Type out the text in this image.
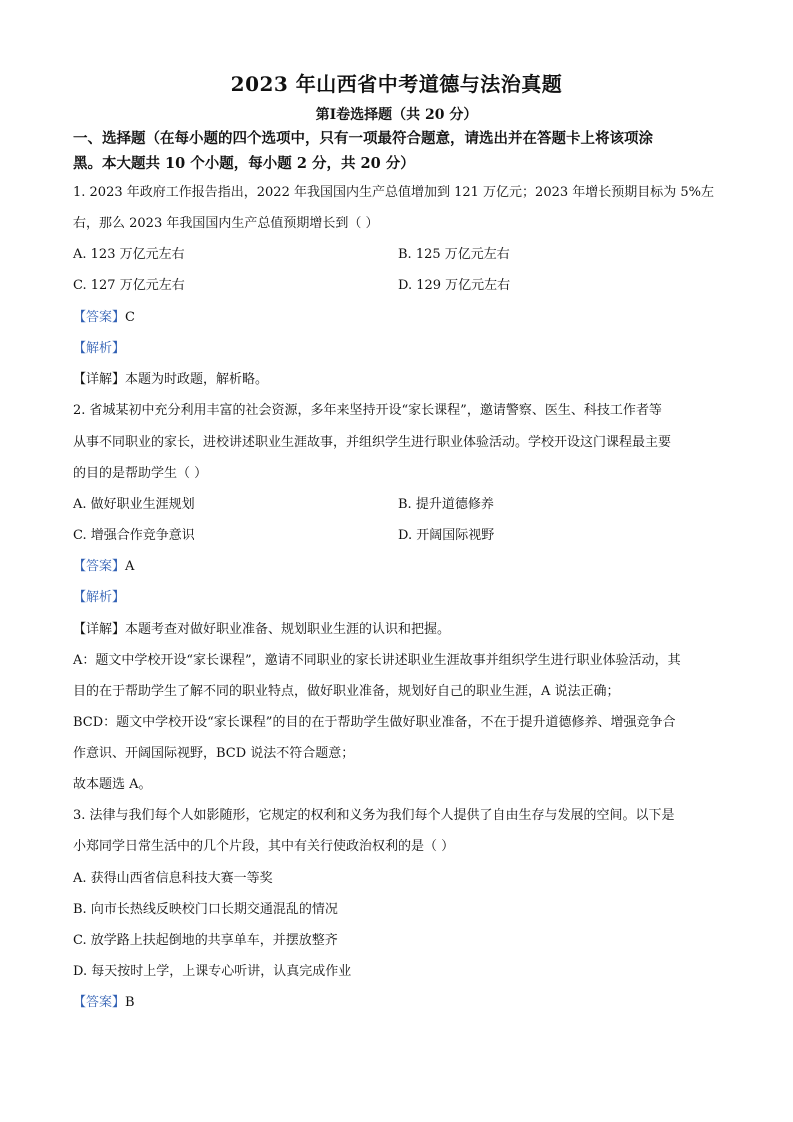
2023 年山西省中考道德与法治真题
第Ⅰ卷选择题（共 20 分）
一、选择题（在每小题的四个选项中，只有一项最符合题意，请选出并在答题卡上将该项涂
黑。本大题共 10 个小题，每小题 2 分，共 20 分）
1. 2023 年政府工作报告指出，2022 年我国国内生产总值增加到 121 万亿元；2023 年增长预期目标为 5%左
右，那么 2023 年我国国内生产总值预期增长到（ ）
A. 123 万亿元左右	B. 125 万亿元左右
C. 127 万亿元左右	D. 129 万亿元左右
【答案】C
【解析】
【详解】本题为时政题，解析略。
2. 省城某初中充分利用丰富的社会资源，多年来坚持开设“家长课程”，邀请警察、医生、科技工作者等
从事不同职业的家长，进校讲述职业生涯故事，并组织学生进行职业体验活动。学校开设这门课程最主要
的目的是帮助学生（ ）
A. 做好职业生涯规划	B. 提升道德修养
C. 增强合作竞争意识	D. 开阔国际视野
【答案】A
【解析】
【详解】本题考查对做好职业准备、规划职业生涯的认识和把握。
A：题文中学校开设“家长课程”，邀请不同职业的家长讲述职业生涯故事并组织学生进行职业体验活动，其
目的在于帮助学生了解不同的职业特点，做好职业准备，规划好自己的职业生涯，A 说法正确；
BCD：题文中学校开设“家长课程”的目的在于帮助学生做好职业准备，不在于提升道德修养、增强竞争合
作意识、开阔国际视野，BCD 说法不符合题意；
故本题选 A。
3. 法律与我们每个人如影随形，它规定的权利和义务为我们每个人提供了自由生存与发展的空间。以下是
小郑同学日常生活中的几个片段，其中有关行使政治权利的是（ ）
A. 获得山西省信息科技大赛一等奖
B. 向市长热线反映校门口长期交通混乱的情况
C. 放学路上扶起倒地的共享单车，并摆放整齐
D. 每天按时上学，上课专心听讲，认真完成作业
【答案】B
